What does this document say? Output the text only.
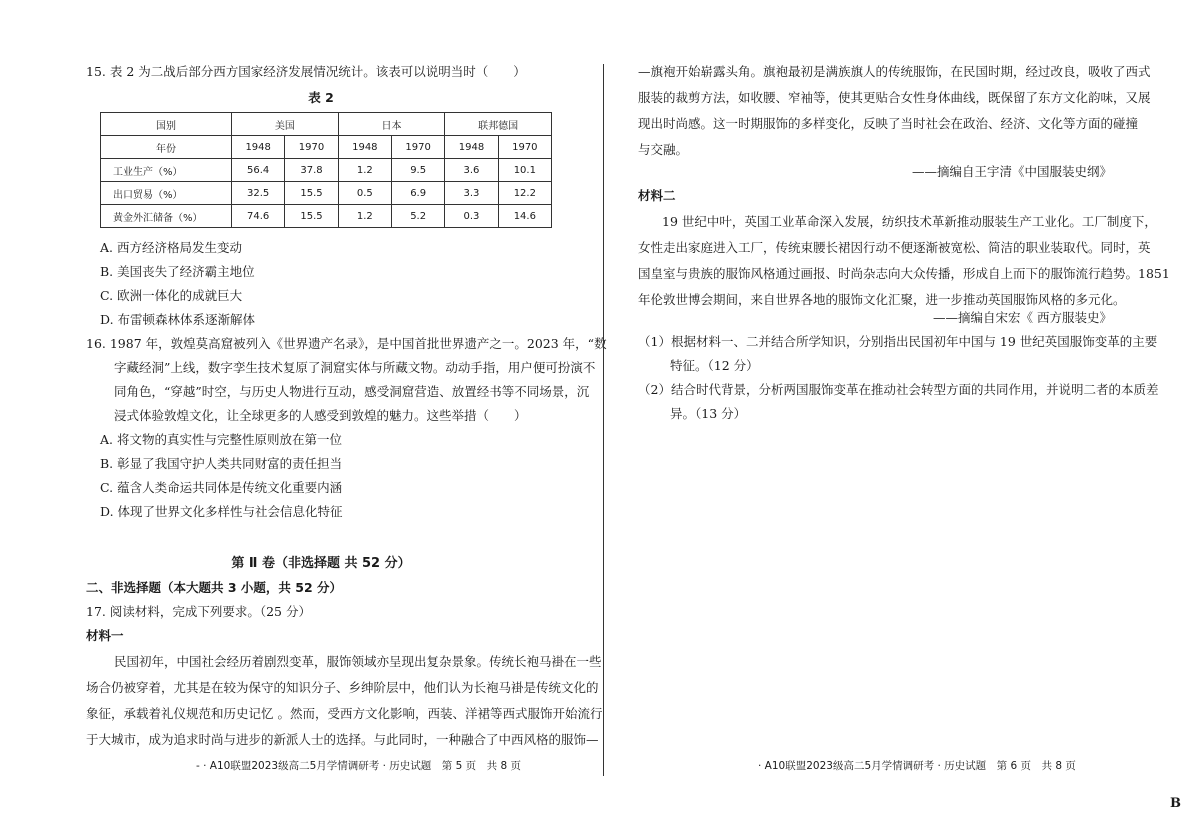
15. 表 2 为二战后部分西方国家经济发展情况统计。该表可以说明当时（　　）
表 2
国别	美国		日本		联邦德国	
年份	1948	1970	1948	1970	1948	1970
工业生产（%）	56.4	37.8	1.2	9.5	3.6	10.1
出口贸易（%）	32.5	15.5	0.5	6.9	3.3	12.2
黄金外汇储备（%）	74.6	15.5	1.2	5.2	0.3	14.6
A. 西方经济格局发生变动
B. 美国丧失了经济霸主地位
C. 欧洲一体化的成就巨大
D. 布雷顿森林体系逐渐解体
16. 1987 年，敦煌莫高窟被列入《世界遗产名录》，是中国首批世界遗产之一。2023 年，“数
字藏经洞”上线，数字孪生技术复原了洞窟实体与所藏文物。动动手指，用户便可扮演不
同角色，“穿越”时空，与历史人物进行互动，感受洞窟营造、放置经书等不同场景，沉
浸式体验敦煌文化，让全球更多的人感受到敦煌的魅力。这些举措（　　）
A. 将文物的真实性与完整性原则放在第一位
B. 彰显了我国守护人类共同财富的责任担当
C. 蕴含人类命运共同体是传统文化重要内涵
D. 体现了世界文化多样性与社会信息化特征
第 Ⅱ 卷（非选择题 共 52 分）
二、非选择题（本大题共 3 小题，共 52 分）
17. 阅读材料，完成下列要求。（25 分）
材料一
民国初年，中国社会经历着剧烈变革，服饰领域亦呈现出复杂景象。传统长袍马褂在一些
场合仍被穿着，尤其是在较为保守的知识分子、乡绅阶层中，他们认为长袍马褂是传统文化的
象征，承载着礼仪规范和历史记忆 。然而，受西方文化影响，西装、洋裙等西式服饰开始流行
于大城市，成为追求时尚与进步的新派人士的选择。与此同时，一种融合了中西风格的服饰—
- · A10联盟2023级高二5月学情调研考 · 历史试题　第 5 页　共 8 页
—旗袍开始崭露头角。旗袍最初是满族旗人的传统服饰，在民国时期，经过改良，吸收了西式
服装的裁剪方法，如收腰、窄袖等，使其更贴合女性身体曲线，既保留了东方文化韵味，又展
现出时尚感。这一时期服饰的多样变化，反映了当时社会在政治、经济、文化等方面的碰撞
与交融。
——摘编自王宇清《中国服装史纲》
材料二
19 世纪中叶，英国工业革命深入发展，纺织技术革新推动服装生产工业化。工厂制度下，
女性走出家庭进入工厂，传统束腰长裙因行动不便逐渐被宽松、简洁的职业装取代。同时，英
国皇室与贵族的服饰风格通过画报、时尚杂志向大众传播，形成自上而下的服饰流行趋势。1851
年伦敦世博会期间，来自世界各地的服饰文化汇聚，进一步推动英国服饰风格的多元化。
——摘编自宋宏《 西方服装史》
（1）根据材料一、二并结合所学知识，分别指出民国初年中国与 19 世纪英国服饰变革的主要
特征。（12 分）
（2）结合时代背景，分析两国服饰变革在推动社会转型方面的共同作用，并说明二者的本质差
异。（13 分）
· A10联盟2023级高二5月学情调研考 · 历史试题　第 6 页　共 8 页
B
